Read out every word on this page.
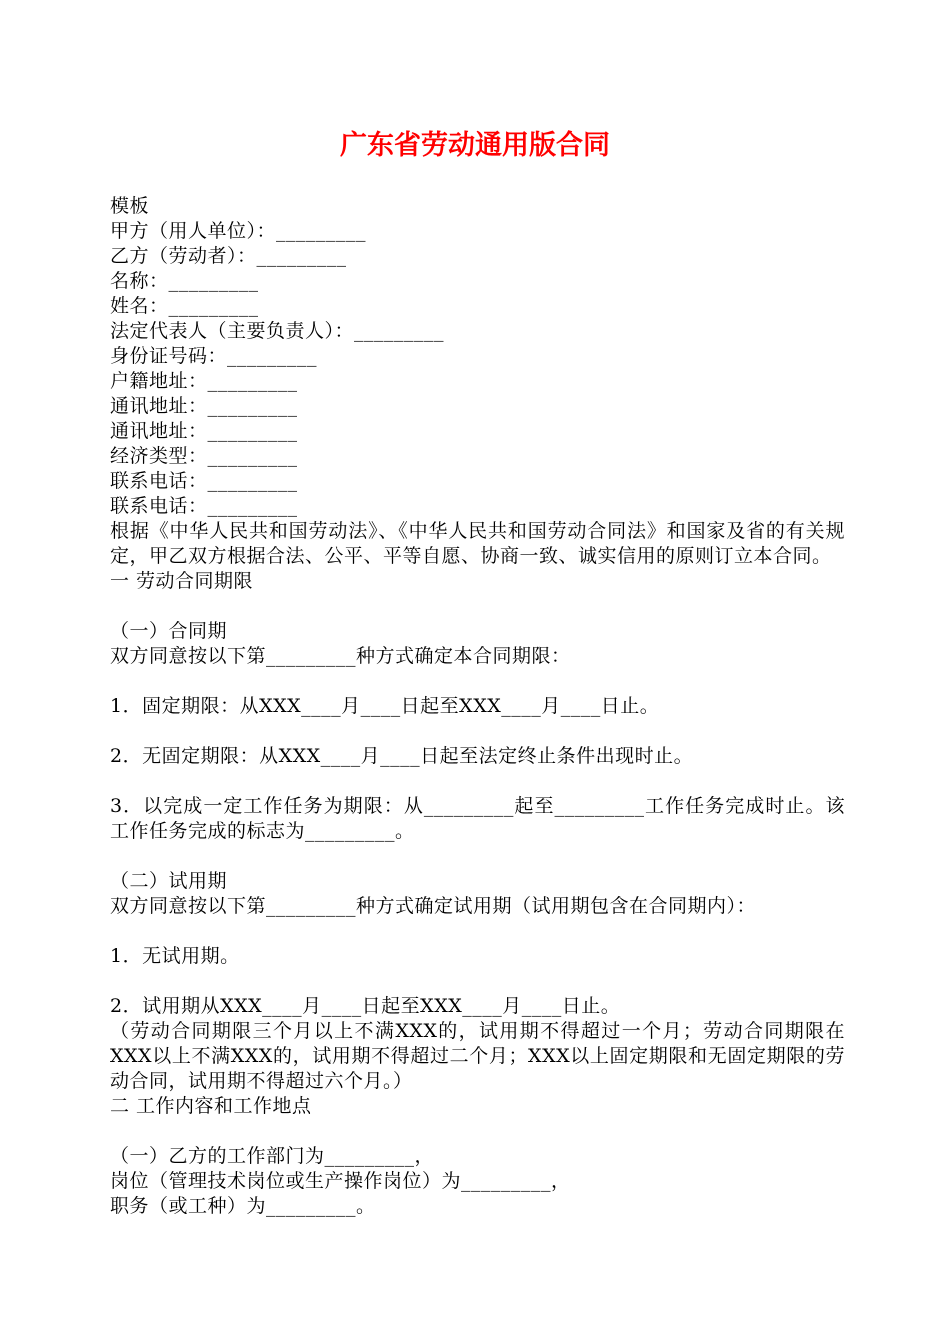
广东省劳动通用版合同
模板
甲方（用人单位）：_________
乙方（劳动者）：_________
名称：_________
姓名：_________
法定代表人（主要负责人）：_________
身份证号码：_________
户籍地址：_________
通讯地址：_________
通讯地址：_________
经济类型：_________
联系电话：_________
联系电话：_________
根据《中华人民共和国劳动法》、《中华人民共和国劳动合同法》和国家及省的有关规定，甲乙双方根据合法、公平、平等自愿、协商一致、诚实信用的原则订立本合同。
一 劳动合同期限
（一）合同期
双方同意按以下第_________种方式确定本合同期限：
1．固定期限：从XXX____月____日起至XXX____月____日止。
2．无固定期限：从XXX____月____日起至法定终止条件出现时止。
3．以完成一定工作任务为期限：从_________起至_________工作任务完成时止。该工作任务完成的标志为_________。
（二）试用期
双方同意按以下第_________种方式确定试用期（试用期包含在合同期内）：
1．无试用期。
2．试用期从XXX____月____日起至XXX____月____日止。
（劳动合同期限三个月以上不满XXX的，试用期不得超过一个月；劳动合同期限在XXX以上不满XXX的，试用期不得超过二个月；XXX以上固定期限和无固定期限的劳动合同，试用期不得超过六个月。）
二 工作内容和工作地点
（一）乙方的工作部门为_________，
岗位（管理技术岗位或生产操作岗位）为_________，
职务（或工种）为_________。
